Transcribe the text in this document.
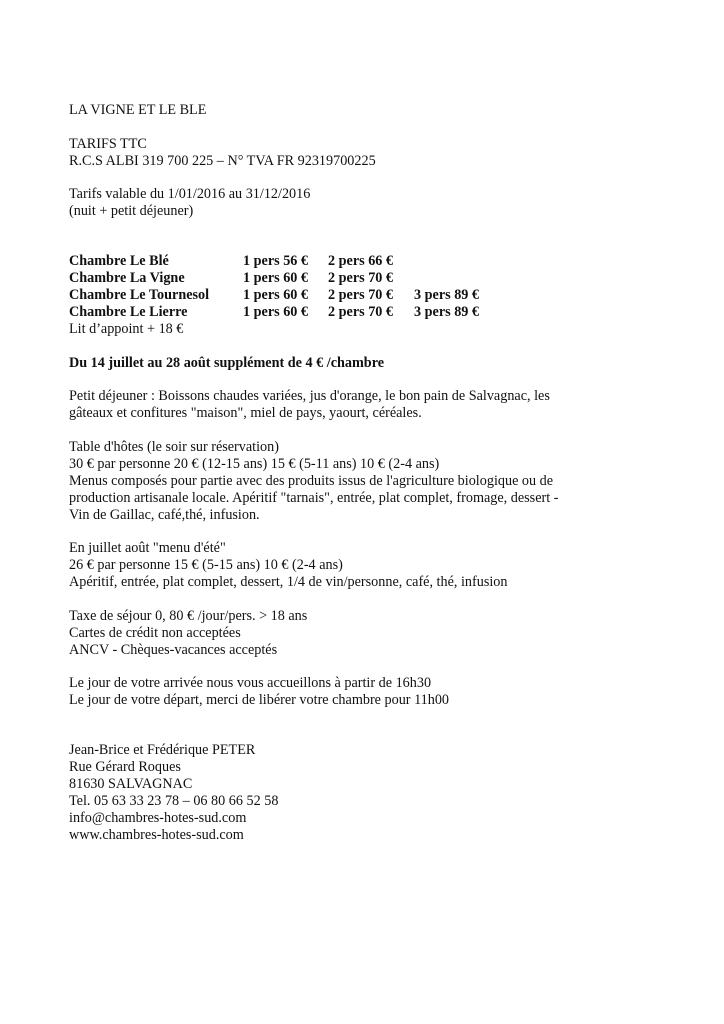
LA VIGNE ET LE BLE

TARIFS TTC

R.C.S ALBI 319 700 225 – N° TVA FR 92319700225

Tarifs valable du 1/01/2016 au 31/12/2016

(nuit + petit déjeuner)

Chambre Le Blé	1 pers 56 €	2 pers 66 €
Chambre La Vigne	1 pers 60 €	2 pers 70 €
Chambre Le Tournesol	1 pers 60 €	2 pers 70 €	3 pers 89 €
Chambre Le Lierre	1 pers 60 €	2 pers 70 €	3 pers 89 €

Lit d’appoint + 18 €

Du 14 juillet au 28 août supplément de 4 € /chambre

Petit déjeuner : Boissons chaudes variées, jus d'orange, le bon pain de Salvagnac, les

gâteaux et confitures "maison", miel de pays, yaourt, céréales.

Table d'hôtes (le soir sur réservation)

30 € par personne 20 € (12-15 ans) 15 € (5-11 ans) 10 € (2-4 ans)

Menus composés pour partie avec des produits issus de l'agriculture biologique ou de

production artisanale locale. Apéritif "tarnais", entrée, plat complet, fromage, dessert -

Vin de Gaillac, café,thé, infusion.

En juillet août "menu d'été"

26 € par personne 15 € (5-15 ans) 10 € (2-4 ans)

Apéritif, entrée, plat complet, dessert, 1/4 de vin/personne, café, thé, infusion

Taxe de séjour 0, 80 € /jour/pers. > 18 ans

Cartes de crédit non acceptées

ANCV - Chèques-vacances acceptés

Le jour de votre arrivée nous vous accueillons à partir de 16h30

Le jour de votre départ, merci de libérer votre chambre pour 11h00

Jean-Brice et Frédérique PETER

Rue Gérard Roques

81630 SALVAGNAC

Tel. 05 63 33 23 78 – 06 80 66 52 58

info@chambres-hotes-sud.com

www.chambres-hotes-sud.com
